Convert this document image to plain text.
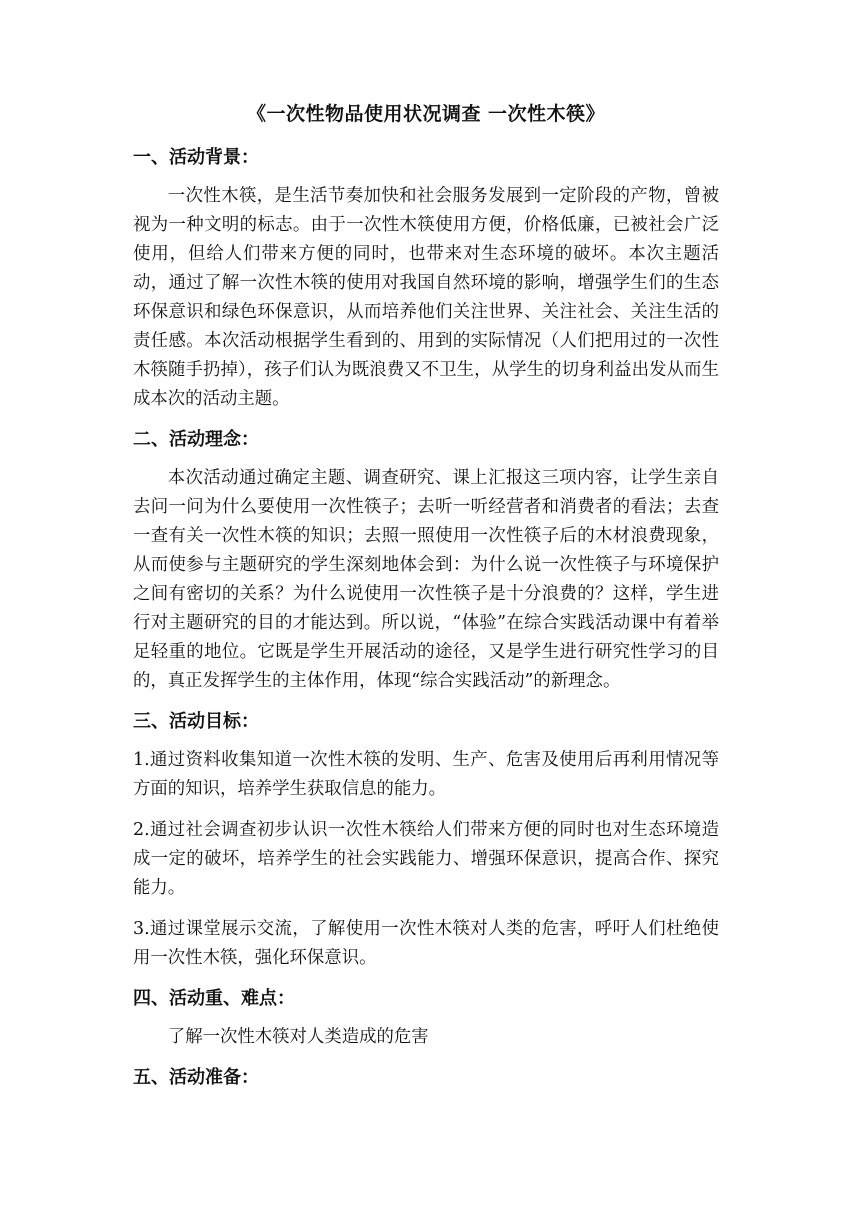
《一次性物品使用状况调查 一次性木筷》
一、活动背景：

一次性木筷，是生活节奏加快和社会服务发展到一定阶段的产物，曾被视为一种文明的标志。由于一次性木筷使用方便，价格低廉，已被社会广泛使用，但给人们带来方便的同时，也带来对生态环境的破坏。本次主题活动，通过了解一次性木筷的使用对我国自然环境的影响，增强学生们的生态环保意识和绿色环保意识，从而培养他们关注世界、关注社会、关注生活的责任感。本次活动根据学生看到的、用到的实际情况（人们把用过的一次性木筷随手扔掉），孩子们认为既浪费又不卫生，从学生的切身利益出发从而生成本次的活动主题。

二、活动理念：

本次活动通过确定主题、调查研究、课上汇报这三项内容，让学生亲自去问一问为什么要使用一次性筷子；去听一听经营者和消费者的看法；去查一查有关一次性木筷的知识；去照一照使用一次性筷子后的木材浪费现象，从而使参与主题研究的学生深刻地体会到：为什么说一次性筷子与环境保护之间有密切的关系？为什么说使用一次性筷子是十分浪费的？这样，学生进行对主题研究的目的才能达到。所以说，“体验”在综合实践活动课中有着举足轻重的地位。它既是学生开展活动的途径，又是学生进行研究性学习的目的，真正发挥学生的主体作用，体现“综合实践活动”的新理念。

三、活动目标：

1.通过资料收集知道一次性木筷的发明、生产、危害及使用后再利用情况等方面的知识，培养学生获取信息的能力。

2.通过社会调查初步认识一次性木筷给人们带来方便的同时也对生态环境造成一定的破坏，培养学生的社会实践能力、增强环保意识，提高合作、探究能力。

3.通过课堂展示交流，了解使用一次性木筷对人类的危害，呼吁人们杜绝使用一次性木筷，强化环保意识。

四、活动重、难点：

了解一次性木筷对人类造成的危害

五、活动准备：
